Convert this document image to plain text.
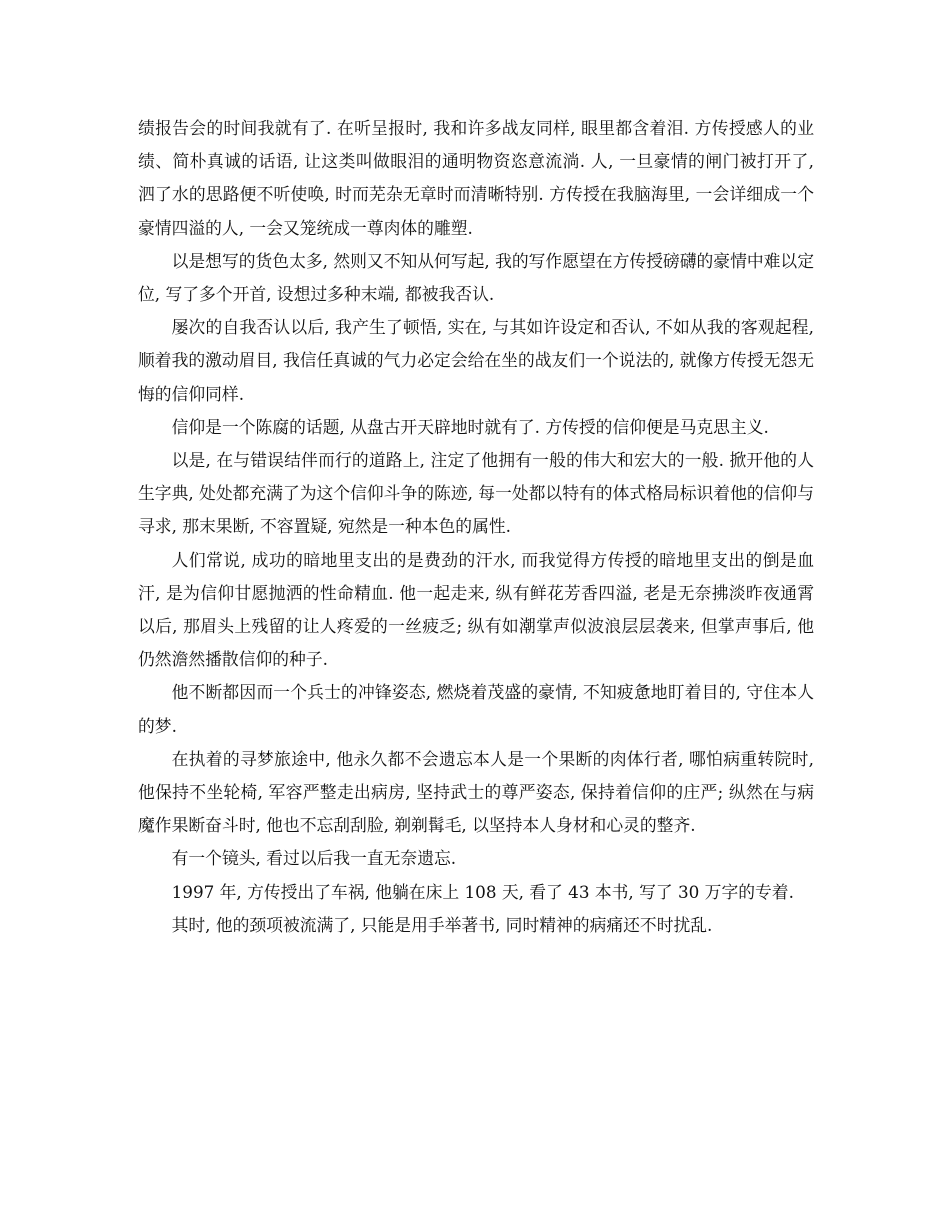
绩报告会的时间我就有了. 在听呈报时, 我和许多战友同样, 眼里都含着泪. 方传授感人的业绩、简朴真诚的话语, 让这类叫做眼泪的通明物资恣意流淌. 人, 一旦豪情的闸门被打开了, 泗了水的思路便不听使唤, 时而芜杂无章时而清晰特别. 方传授在我脑海里, 一会详细成一个豪情四溢的人, 一会又笼统成一尊肉体的雕塑.

以是想写的货色太多, 然则又不知从何写起, 我的写作愿望在方传授磅礴的豪情中难以定位, 写了多个开首, 设想过多种末端, 都被我否认.

屡次的自我否认以后, 我产生了顿悟, 实在, 与其如许设定和否认, 不如从我的客观起程, 顺着我的激动眉目, 我信任真诚的气力必定会给在坐的战友们一个说法的, 就像方传授无怨无悔的信仰同样.

信仰是一个陈腐的话题, 从盘古开天辟地时就有了. 方传授的信仰便是马克思主义.

以是, 在与错误结伴而行的道路上, 注定了他拥有一般的伟大和宏大的一般. 掀开他的人生字典, 处处都充满了为这个信仰斗争的陈迹, 每一处都以特有的体式格局标识着他的信仰与寻求, 那末果断, 不容置疑, 宛然是一种本色的属性.

人们常说, 成功的暗地里支出的是费劲的汗水, 而我觉得方传授的暗地里支出的倒是血汗, 是为信仰甘愿抛洒的性命精血. 他一起走来, 纵有鲜花芳香四溢, 老是无奈拂淡昨夜通霄以后, 那眉头上残留的让人疼爱的一丝疲乏; 纵有如潮掌声似波浪层层袭来, 但掌声事后, 他仍然澹然播散信仰的种子.

他不断都因而一个兵士的冲锋姿态, 燃烧着茂盛的豪情, 不知疲惫地盯着目的, 守住本人的梦.

在执着的寻梦旅途中, 他永久都不会遗忘本人是一个果断的肉体行者, 哪怕病重转院时, 他保持不坐轮椅, 军容严整走出病房, 坚持武士的尊严姿态, 保持着信仰的庄严; 纵然在与病魔作果断奋斗时, 他也不忘刮刮脸, 剃剃髯毛, 以坚持本人身材和心灵的整齐.

有一个镜头, 看过以后我一直无奈遗忘.

1997 年, 方传授出了车祸, 他躺在床上 108 天, 看了 43 本书, 写了 30 万字的专着.

其时, 他的颈项被流满了, 只能是用手举著书, 同时精神的病痛还不时扰乱.
